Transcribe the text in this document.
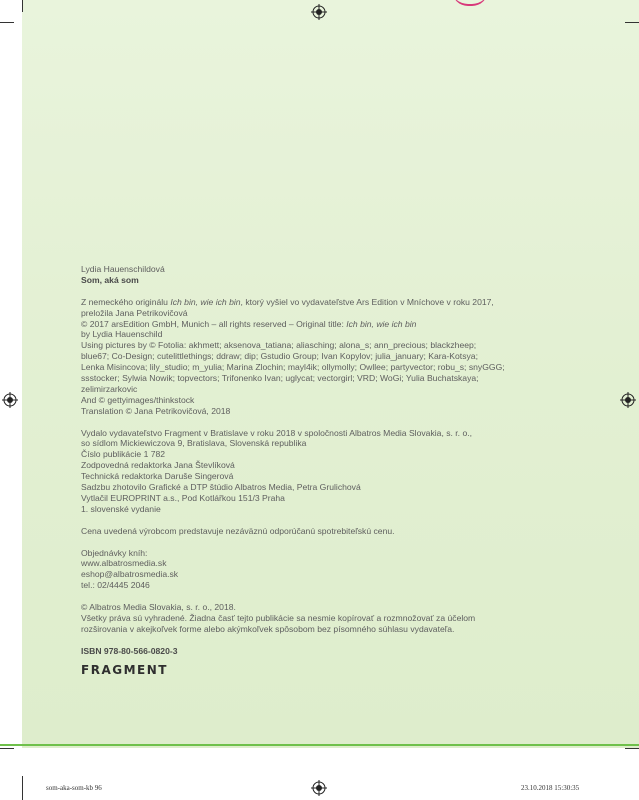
Lydia Hauenschildová

Som, aká som

Z nemeckého originálu Ich bin, wie ich bin, ktorý vyšiel vo vydavateľstve Ars Edition v Mníchove v roku 2017,

preložila Jana Petrikovičová

© 2017 arsEdition GmbH, Munich – all rights reserved – Original title: Ich bin, wie ich bin

by Lydia Hauenschild

Using pictures by © Fotolia: akhmett; aksenova_tatiana; aliasching; alona_s; ann_precious; blackzheep;

blue67; Co-Design; cutelittlethings; ddraw; dip; Gstudio Group; Ivan Kopylov; julia_january; Kara-Kotsya;

Lenka Misincova; lily_studio; m_yulia; Marina Zlochin; mayl4ik; ollymolly; Owllee; partyvector; robu_s; snyGGG;

ssstocker; Sylwia Nowik; topvectors; Trifonenko Ivan; uglycat; vectorgirl; VRD; WoGi; Yulia Buchatskaya;

zelimirzarkovic

And © gettyimages/thinkstock

Translation © Jana Petrikovičová, 2018

Vydalo vydavateľstvo Fragment v Bratislave v roku 2018 v spoločnosti Albatros Media Slovakia, s. r. o.,

so sídlom Mickiewiczova 9, Bratislava, Slovenská republika

Číslo publikácie 1 782

Zodpovedná redaktorka Jana Števlíková

Technická redaktorka Daruše Singerová

Sadzbu zhotovilo Grafické a DTP štúdio Albatros Media, Petra Grulichová

Vytlačil EUROPRINT a.s., Pod Kotlářkou 151/3 Praha

1. slovenské vydanie

Cena uvedená výrobcom predstavuje nezáväznú odporúčanú spotrebiteľskú cenu.

Objednávky kníh:

www.albatrosmedia.sk

eshop@albatrosmedia.sk

tel.: 02/4445 2046

© Albatros Media Slovakia, s. r. o., 2018.

Všetky práva sú vyhradené. Žiadna časť tejto publikácie sa nesmie kopírovať a rozmnožovať za účelom

rozširovania v akejkoľvek forme alebo akýmkoľvek spôsobom bez písomného súhlasu vydavateľa.

ISBN 978-80-566-0820-3

FRAGMENT
som-aka-som-kb 96	23.10.2018 15:30:35
